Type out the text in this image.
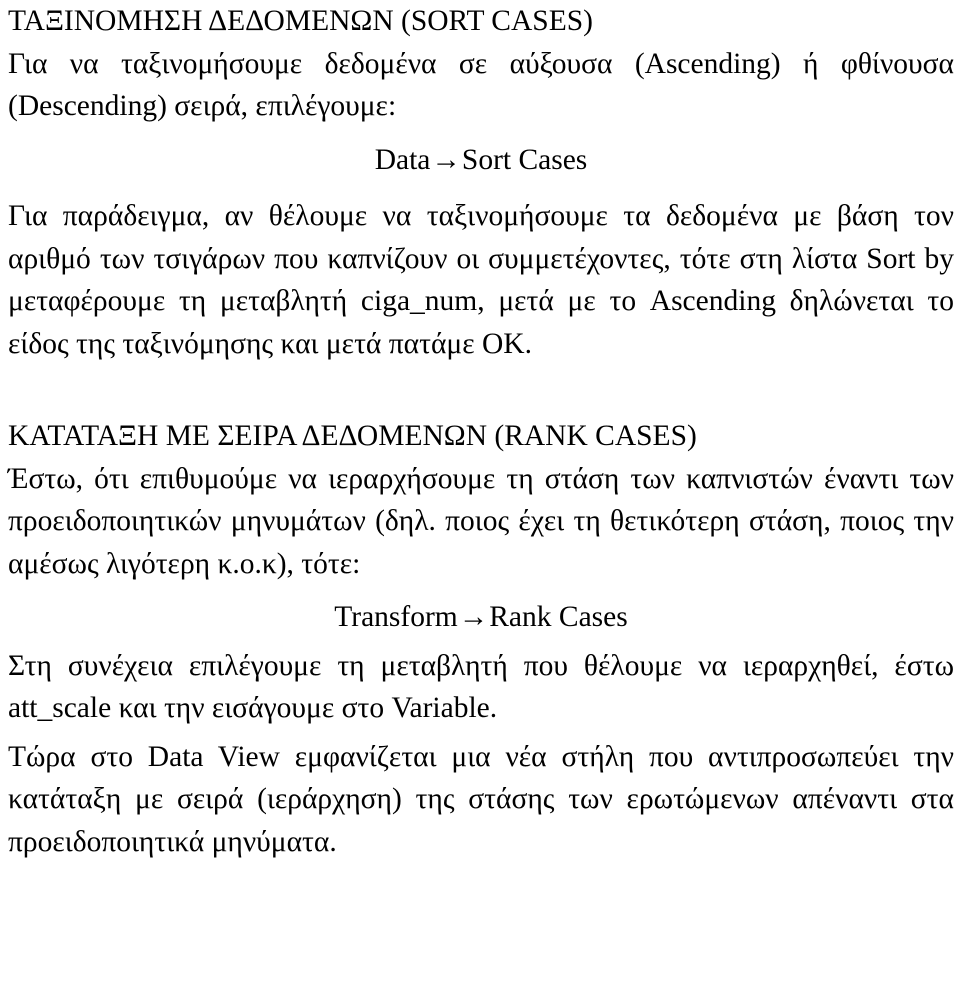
ΤΑΞΙΝΟΜΗΣΗ ΔΕΔΟΜΕΝΩΝ (SORT CASES)

Για να ταξινομήσουμε δεδομένα σε αύξουσα (Ascending) ή φθίνουσα (Descending) σειρά, επιλέγουμε:

Data→Sort Cases

Για παράδειγμα, αν θέλουμε να ταξινομήσουμε τα δεδομένα με βάση τον αριθμό των τσιγάρων που καπνίζουν οι συμμετέχοντες, τότε στη λίστα Sort by μεταφέρουμε τη μεταβλητή ciga_num, μετά με το Ascending δηλώνεται το είδος της ταξινόμησης και μετά πατάμε ΟΚ.

ΚΑΤΑΤΑΞΗ ΜΕ ΣΕΙΡΑ ΔΕΔΟΜΕΝΩΝ (RANK CASES)

Έστω, ότι επιθυμούμε να ιεραρχήσουμε τη στάση των καπνιστών έναντι των προειδοποιητικών μηνυμάτων (δηλ. ποιος έχει τη θετικότερη στάση, ποιος την αμέσως λιγότερη κ.ο.κ), τότε:

Transform→Rank Cases

Στη συνέχεια επιλέγουμε τη μεταβλητή που θέλουμε να ιεραρχηθεί, έστω att_scale και την εισάγουμε στο Variable.

Τώρα στο Data View εμφανίζεται μια νέα στήλη που αντιπροσωπεύει την κατάταξη με σειρά (ιεράρχηση) της στάσης των ερωτώμενων απέναντι στα προειδοποιητικά μηνύματα.
